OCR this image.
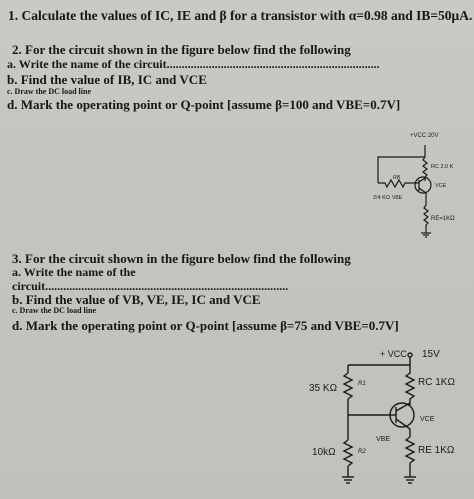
1. Calculate the values of IC, IE and β for a transistor with α=0.98 and IB=50μA.
2. For the circuit shown in the figure below find the following
a. Write the name of the circuit.......................................................................
b. Find the value of IB, IC and VCE
c. Draw the DC load line
d. Mark the operating point or Q-point [assume β=100 and VBE=0.7V]
+VCC 20V
RC 2.0 K
RB
2/4 KΩ VBE
VCE
RE=1KΩ
3. For the circuit shown in the figure below find the following
a. Write the name of the
circuit.................................................................................
b. Find the value of VB, VE, IE, IC and VCE
c. Draw the DC load line
d. Mark the operating point or Q-point [assume β=75 and VBE=0.7V]
+ VCC 15V
35 KΩ	R1	RC 1KΩ
VCE
VBE
10kΩ	R2	RE 1KΩ
